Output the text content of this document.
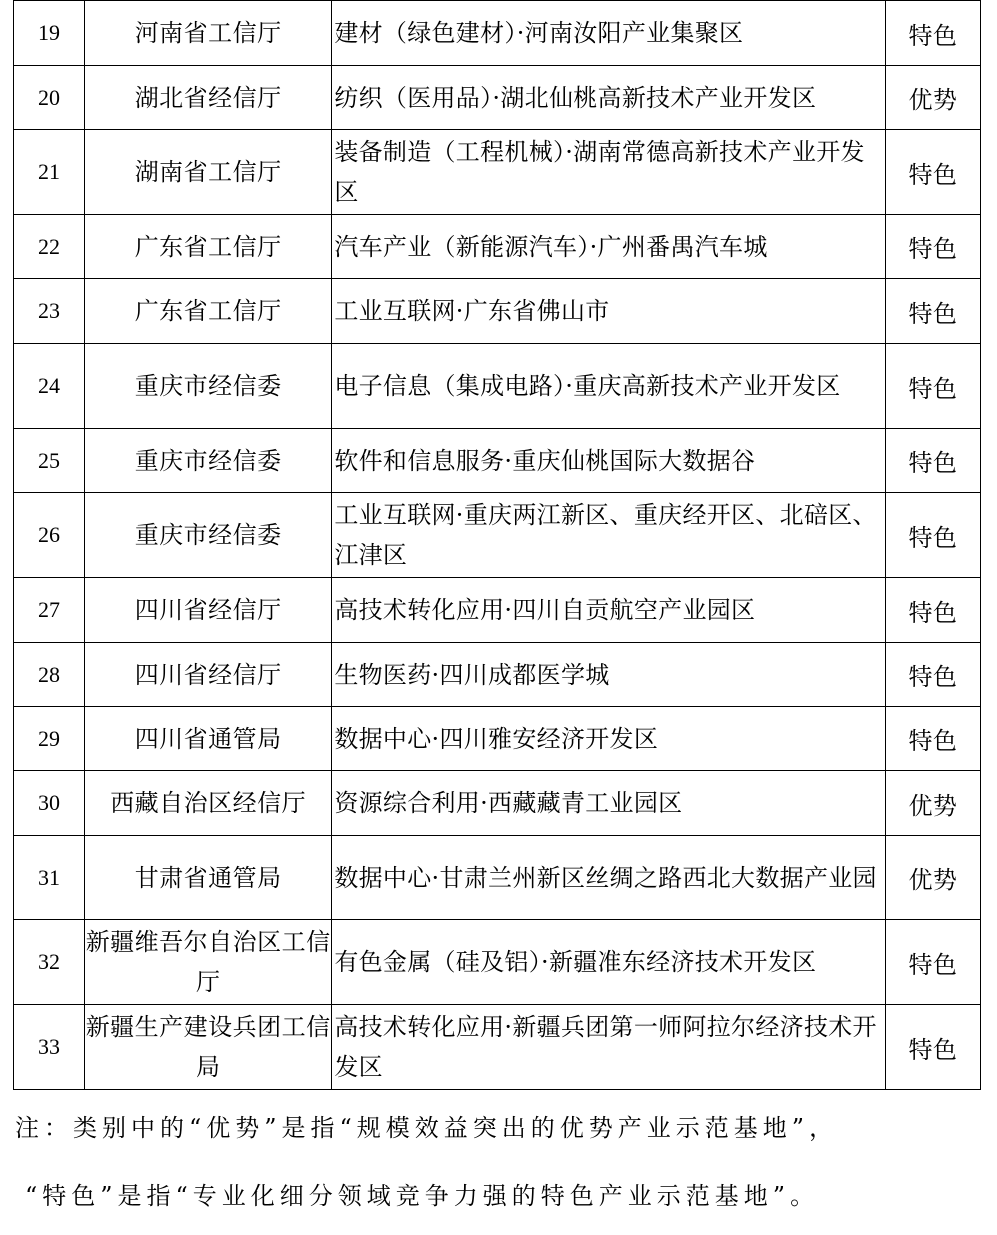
19	河南省工信厅	建材（绿色建材）·河南汝阳产业集聚区	特色
20	湖北省经信厅	纺织（医用品）·湖北仙桃高新技术产业开发区	优势
21	湖南省工信厅	装备制造（工程机械）·湖南常德高新技术产业开发区	特色
22	广东省工信厅	汽车产业（新能源汽车）·广州番禺汽车城	特色
23	广东省工信厅	工业互联网·广东省佛山市	特色
24	重庆市经信委	电子信息（集成电路）·重庆高新技术产业开发区	特色
25	重庆市经信委	软件和信息服务·重庆仙桃国际大数据谷	特色
26	重庆市经信委	工业互联网·重庆两江新区、重庆经开区、北碚区、江津区	特色
27	四川省经信厅	高技术转化应用·四川自贡航空产业园区	特色
28	四川省经信厅	生物医药·四川成都医学城	特色
29	四川省通管局	数据中心·四川雅安经济开发区	特色
30	西藏自治区经信厅	资源综合利用·西藏藏青工业园区	优势
31	甘肃省通管局	数据中心·甘肃兰州新区丝绸之路西北大数据产业园	优势
32	新疆维吾尔自治区工信厅	有色金属（硅及铝）·新疆准东经济技术开发区	特色
33	新疆生产建设兵团工信局	高技术转化应用·新疆兵团第一师阿拉尔经济技术开发区	特色
注：类别中的“优势”是指“规模效益突出的优势产业示范基地”，
“特色”是指“专业化细分领域竞争力强的特色产业示范基地”。
